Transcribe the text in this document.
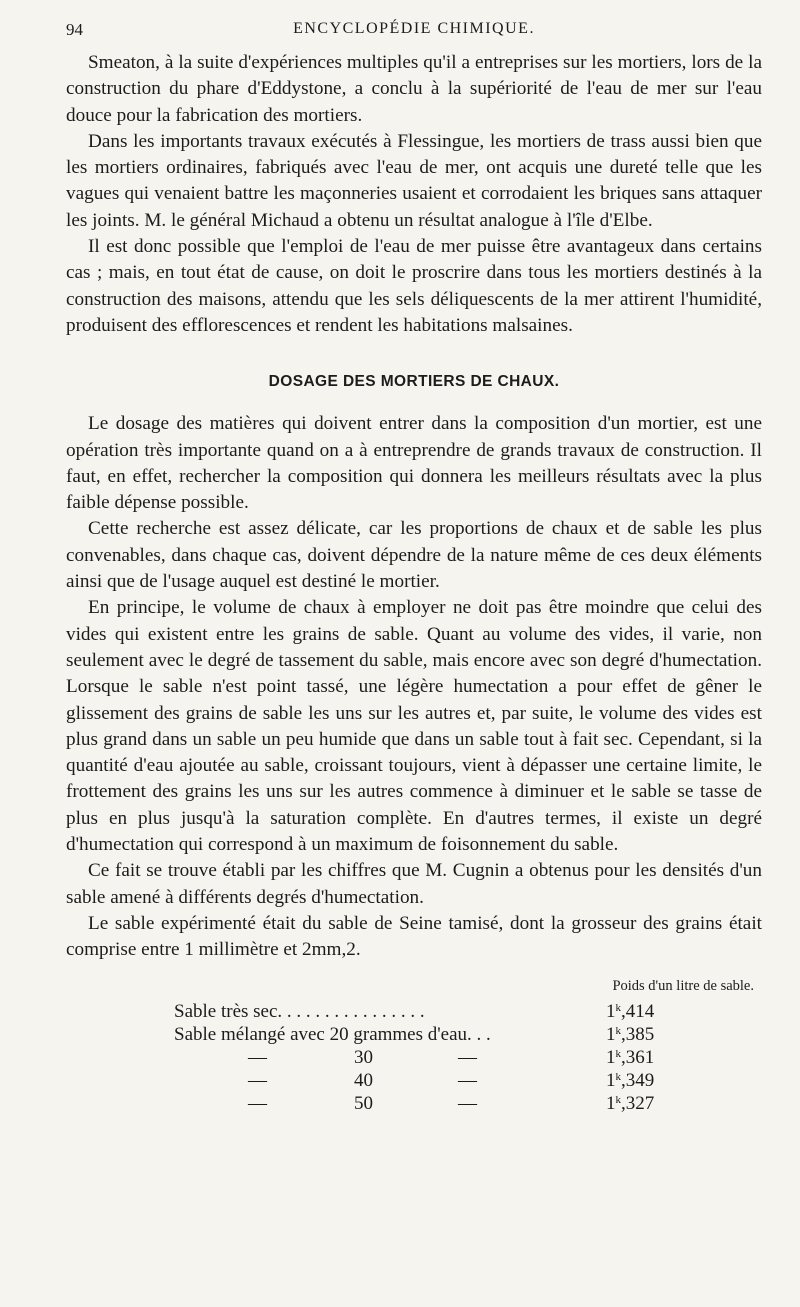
94	ENCYCLOPÉDIE CHIMIQUE.

Smeaton, à la suite d'expériences multiples qu'il a entreprises sur les mortiers, lors de la construction du phare d'Eddystone, a conclu à la supériorité de l'eau de mer sur l'eau douce pour la fabrication des mortiers.

Dans les importants travaux exécutés à Flessingue, les mortiers de trass aussi bien que les mortiers ordinaires, fabriqués avec l'eau de mer, ont acquis une dureté telle que les vagues qui venaient battre les maçonneries usaient et corrodaient les briques sans attaquer les joints. M. le général Michaud a obtenu un résultat analogue à l'île d'Elbe.

Il est donc possible que l'emploi de l'eau de mer puisse être avantageux dans certains cas ; mais, en tout état de cause, on doit le proscrire dans tous les mortiers destinés à la construction des maisons, attendu que les sels déliquescents de la mer attirent l'humidité, produisent des efflorescences et rendent les habitations malsaines.

DOSAGE DES MORTIERS DE CHAUX.

Le dosage des matières qui doivent entrer dans la composition d'un mortier, est une opération très importante quand on a à entreprendre de grands travaux de construction. Il faut, en effet, rechercher la composition qui donnera les meilleurs résultats avec la plus faible dépense possible.

Cette recherche est assez délicate, car les proportions de chaux et de sable les plus convenables, dans chaque cas, doivent dépendre de la nature même de ces deux éléments ainsi que de l'usage auquel est destiné le mortier.

En principe, le volume de chaux à employer ne doit pas être moindre que celui des vides qui existent entre les grains de sable. Quant au volume des vides, il varie, non seulement avec le degré de tassement du sable, mais encore avec son degré d'humectation. Lorsque le sable n'est point tassé, une légère humectation a pour effet de gêner le glissement des grains de sable les uns sur les autres et, par suite, le volume des vides est plus grand dans un sable un peu humide que dans un sable tout à fait sec. Cependant, si la quantité d'eau ajoutée au sable, croissant toujours, vient à dépasser une certaine limite, le frottement des grains les uns sur les autres commence à diminuer et le sable se tasse de plus en plus jusqu'à la saturation complète. En d'autres termes, il existe un degré d'humectation qui correspond à un maximum de foisonnement du sable.

Ce fait se trouve établi par les chiffres que M. Cugnin a obtenus pour les densités d'un sable amené à différents degrés d'humectation.

Le sable expérimenté était du sable de Seine tamisé, dont la grosseur des grains était comprise entre 1 millimètre et 2mm,2.

Poids d'un litre de sable.
Sable très sec. . . . . . . . . . . . . . . .	1$^k$,414
Sable mélangé avec 20 grammes d'eau. . .	1$^k$,385
—	30	—	1$^k$,361
—	40	—	1$^k$,349
—	50	—	1$^k$,327
